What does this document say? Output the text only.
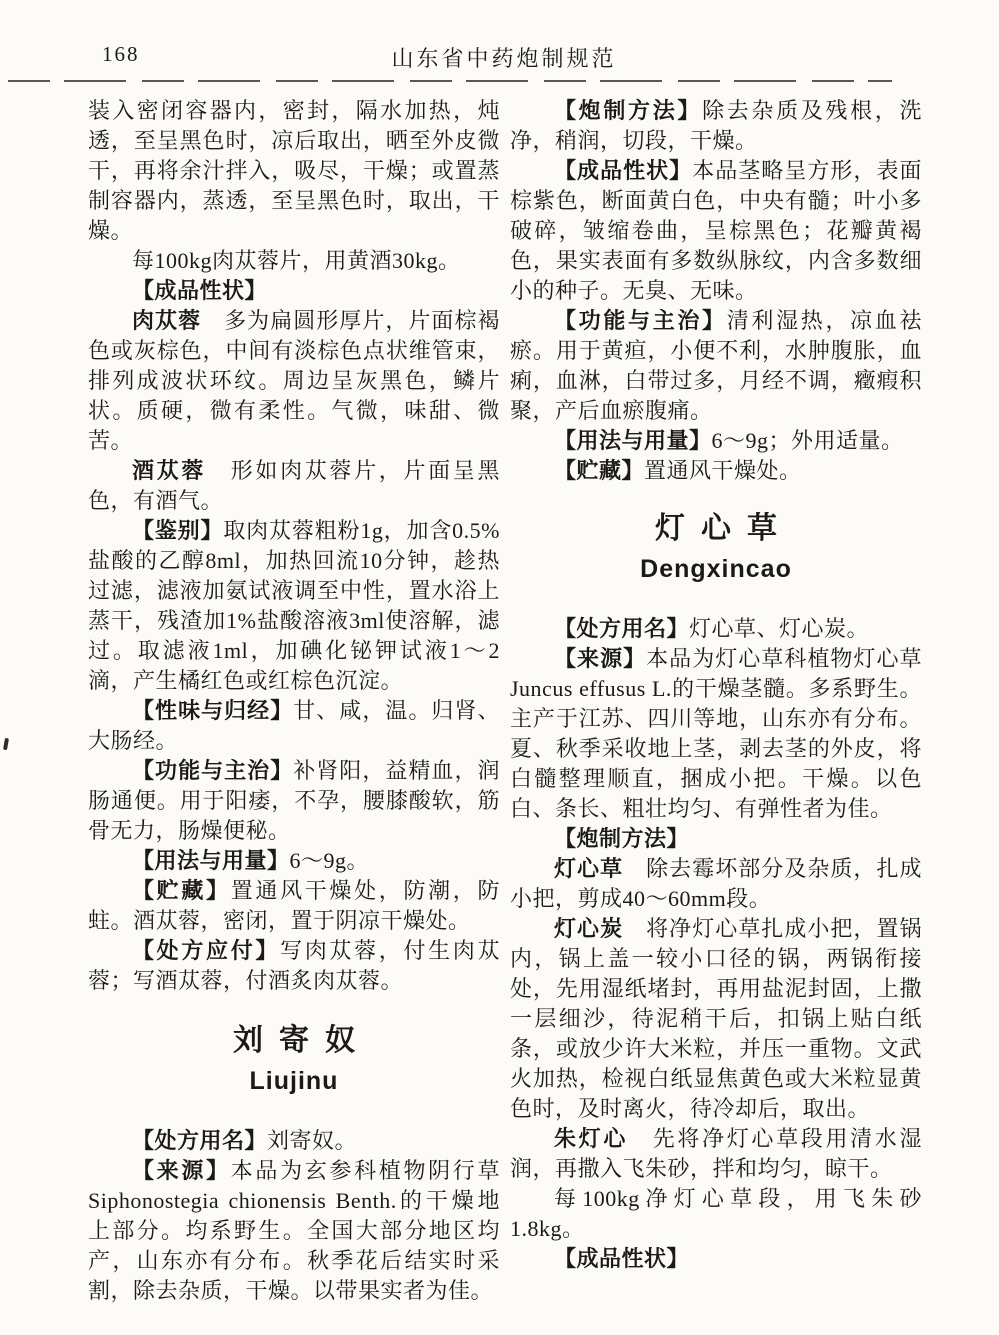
168	山东省中药炮制规范

装入密闭容器内，密封，隔水加热，炖透，至呈黑色时，凉后取出，晒至外皮微干，再将余汁拌入，吸尽，干燥；或置蒸制容器内，蒸透，至呈黑色时，取出，干燥。

每100kg肉苁蓉片，用黄酒30kg。

【成品性状】

肉苁蓉　多为扁圆形厚片，片面棕褐色或灰棕色，中间有淡棕色点状维管束，排列成波状环纹。周边呈灰黑色，鳞片状。质硬，微有柔性。气微，味甜、微苦。

酒苁蓉　形如肉苁蓉片，片面呈黑色，有酒气。

【鉴别】取肉苁蓉粗粉1g，加含0.5%盐酸的乙醇8ml，加热回流10分钟，趁热过滤，滤液加氨试液调至中性，置水浴上蒸干，残渣加1%盐酸溶液3ml使溶解，滤过。取滤液1ml，加碘化铋钾试液1～2滴，产生橘红色或红棕色沉淀。

【性味与归经】甘、咸，温。归肾、大肠经。

【功能与主治】补肾阳，益精血，润肠通便。用于阳痿，不孕，腰膝酸软，筋骨无力，肠燥便秘。

【用法与用量】6～9g。

【贮藏】置通风干燥处，防潮，防蛀。酒苁蓉，密闭，置于阴凉干燥处。

【处方应付】写肉苁蓉，付生肉苁蓉；写酒苁蓉，付酒炙肉苁蓉。

刘寄奴
Liujinu

【处方用名】刘寄奴。

【来源】本品为玄参科植物阴行草Siphonostegia chionensis Benth.的干燥地上部分。均系野生。全国大部分地区均产，山东亦有分布。秋季花后结实时采割，除去杂质，干燥。以带果实者为佳。

【炮制方法】除去杂质及残根，洗净，稍润，切段，干燥。

【成品性状】本品茎略呈方形，表面棕紫色，断面黄白色，中央有髓；叶小多破碎，皱缩卷曲，呈棕黑色；花瓣黄褐色，果实表面有多数纵脉纹，内含多数细小的种子。无臭、无味。

【功能与主治】清利湿热，凉血祛瘀。用于黄疸，小便不利，水肿腹胀，血痢，血淋，白带过多，月经不调，癥瘕积聚，产后血瘀腹痛。

【用法与用量】6～9g；外用适量。

【贮藏】置通风干燥处。

灯心草
Dengxincao

【处方用名】灯心草、灯心炭。

【来源】本品为灯心草科植物灯心草Juncus effusus L.的干燥茎髓。多系野生。主产于江苏、四川等地，山东亦有分布。夏、秋季采收地上茎，剥去茎的外皮，将白髓整理顺直，捆成小把。干燥。以色白、条长、粗壮均匀、有弹性者为佳。

【炮制方法】

灯心草　除去霉坏部分及杂质，扎成小把，剪成40～60mm段。

灯心炭　将净灯心草扎成小把，置锅内，锅上盖一较小口径的锅，两锅衔接处，先用湿纸堵封，再用盐泥封固，上撒一层细沙，待泥稍干后，扣锅上贴白纸条，或放少许大米粒，并压一重物。文武火加热，检视白纸显焦黄色或大米粒显黄色时，及时离火，待冷却后，取出。

朱灯心　先将净灯心草段用清水湿润，再撒入飞朱砂，拌和均匀，晾干。

每100kg净灯心草段，用飞朱砂1.8kg。

【成品性状】
